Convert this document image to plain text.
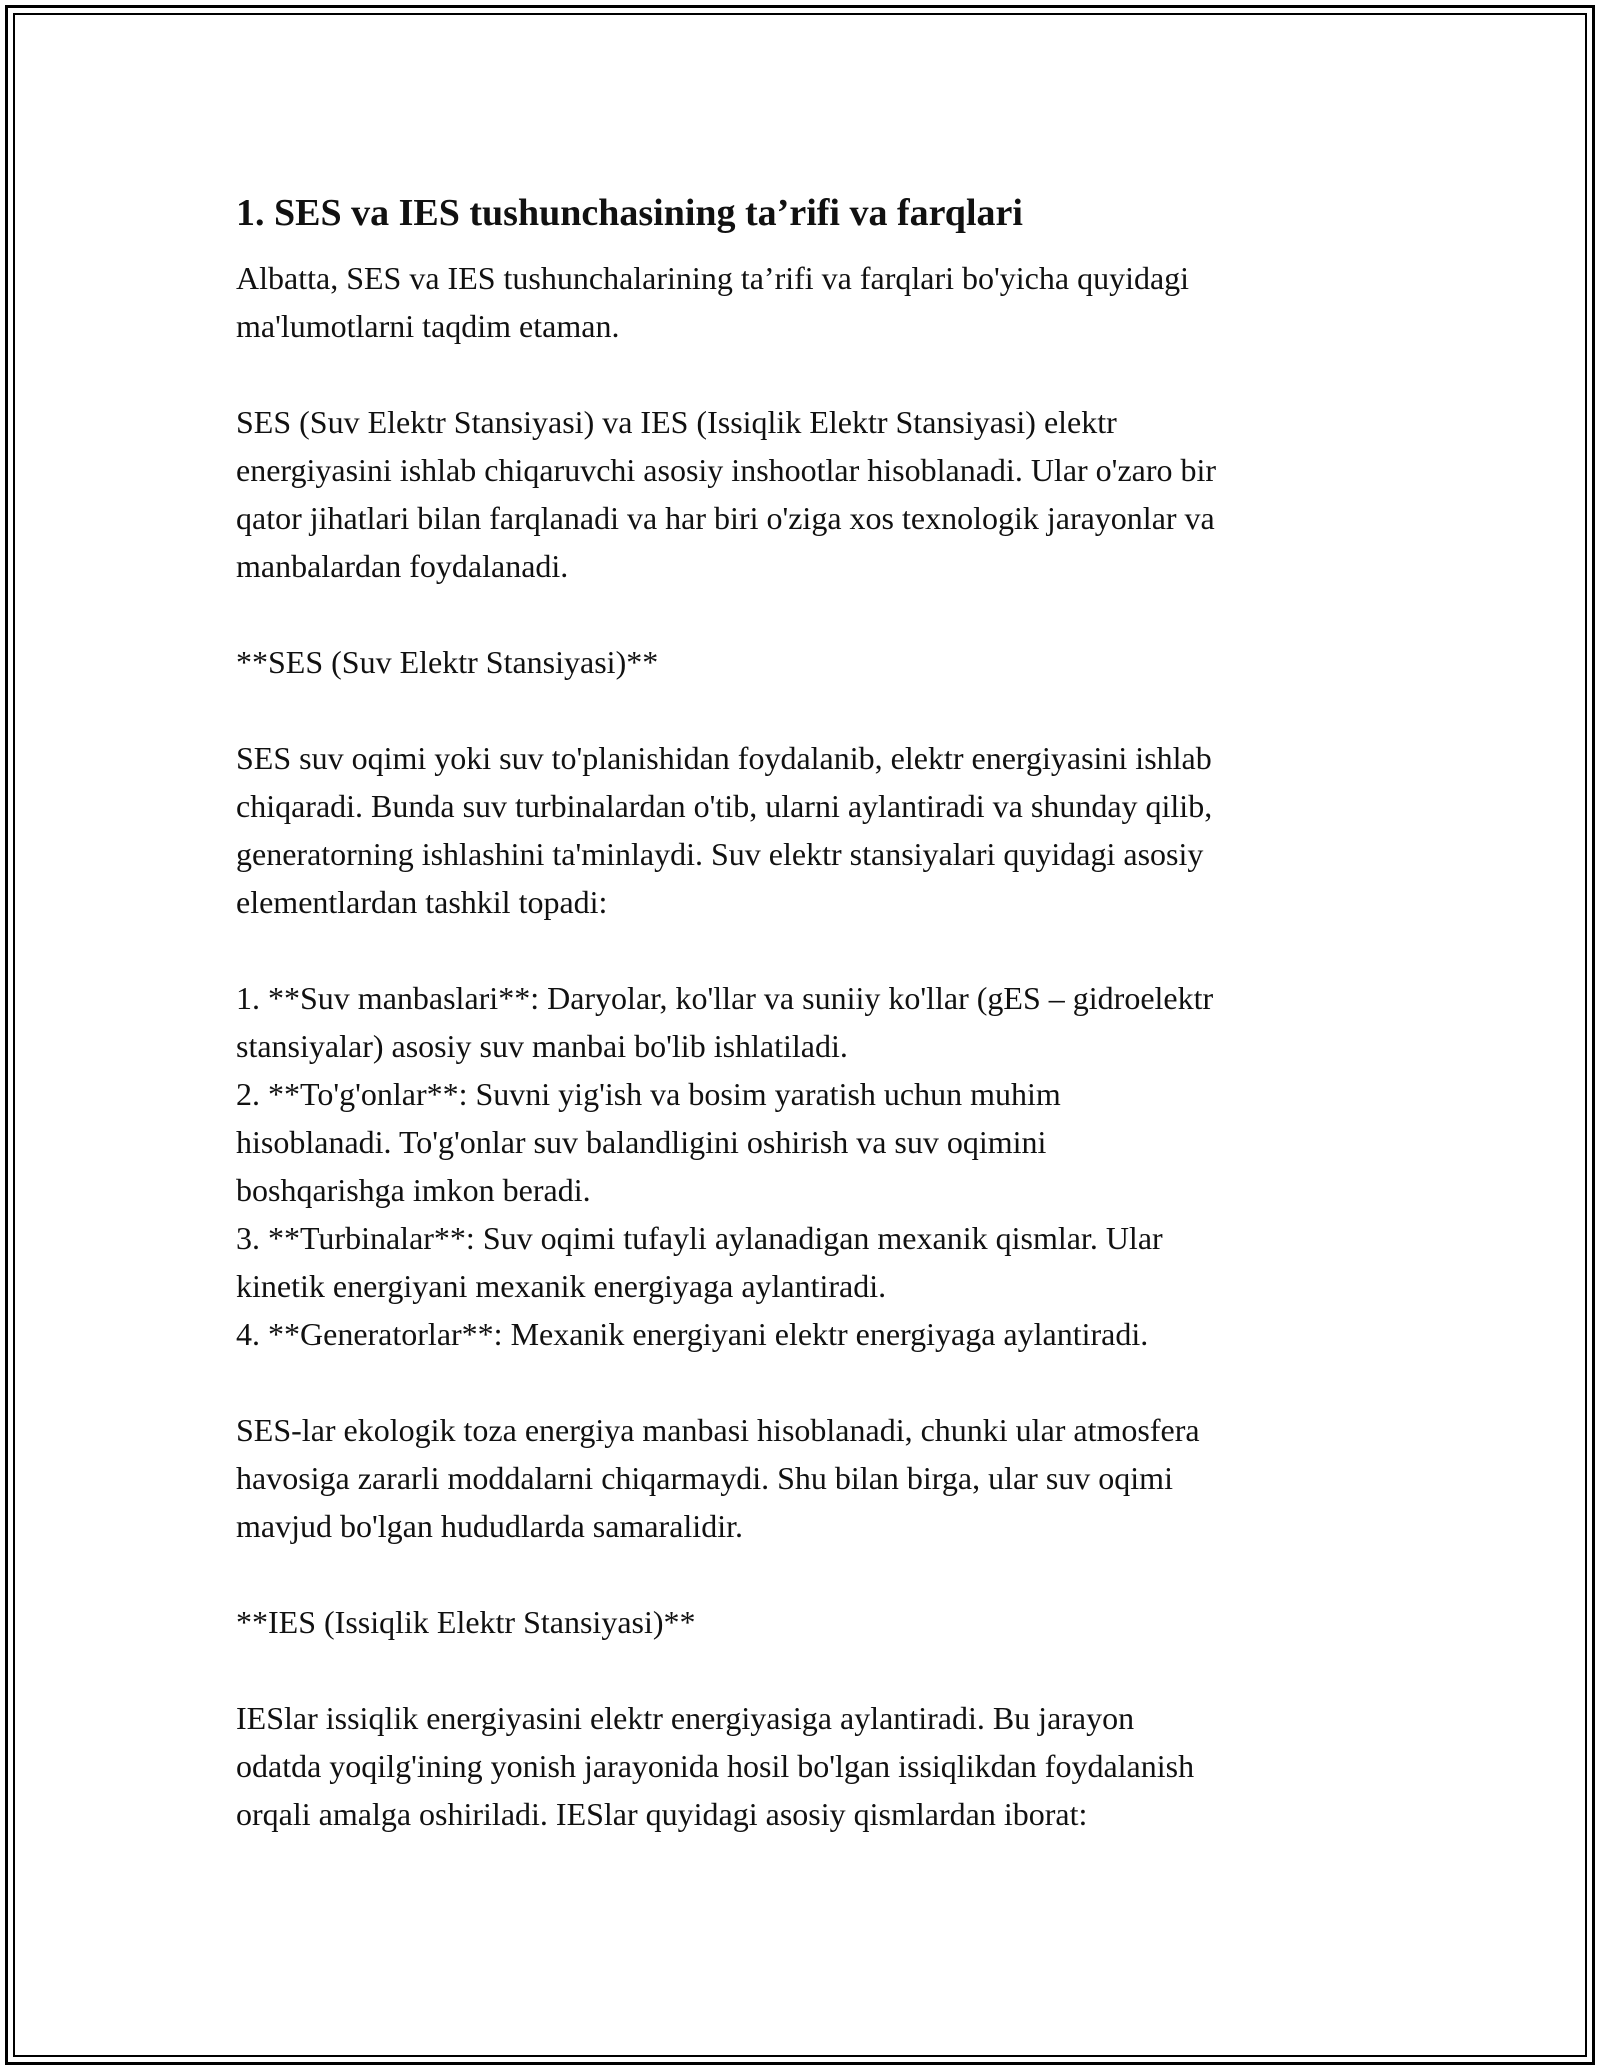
1. SES va IES tushunchasining ta’rifi va farqlari
Albatta, SES va IES tushunchalarining ta’rifi va farqlari bo'yicha quyidagi
ma'lumotlarni taqdim etaman.
SES (Suv Elektr Stansiyasi) va IES (Issiqlik Elektr Stansiyasi) elektr
energiyasini ishlab chiqaruvchi asosiy inshootlar hisoblanadi. Ular o'zaro bir
qator jihatlari bilan farqlanadi va har biri o'ziga xos texnologik jarayonlar va
manbalardan foydalanadi.
**SES (Suv Elektr Stansiyasi)**
SES suv oqimi yoki suv to'planishidan foydalanib, elektr energiyasini ishlab
chiqaradi. Bunda suv turbinalardan o'tib, ularni aylantiradi va shunday qilib,
generatorning ishlashini ta'minlaydi. Suv elektr stansiyalari quyidagi asosiy
elementlardan tashkil topadi:
1. **Suv manbaslari**: Daryolar, ko'llar va suniiy ko'llar (gES – gidroelektr
stansiyalar) asosiy suv manbai bo'lib ishlatiladi.
2. **To'g'onlar**: Suvni yig'ish va bosim yaratish uchun muhim
hisoblanadi. To'g'onlar suv balandligini oshirish va suv oqimini
boshqarishga imkon beradi.
3. **Turbinalar**: Suv oqimi tufayli aylanadigan mexanik qismlar. Ular
kinetik energiyani mexanik energiyaga aylantiradi.
4. **Generatorlar**: Mexanik energiyani elektr energiyaga aylantiradi.
SES-lar ekologik toza energiya manbasi hisoblanadi, chunki ular atmosfera
havosiga zararli moddalarni chiqarmaydi. Shu bilan birga, ular suv oqimi
mavjud bo'lgan hududlarda samaralidir.
**IES (Issiqlik Elektr Stansiyasi)**
IESlar issiqlik energiyasini elektr energiyasiga aylantiradi. Bu jarayon
odatda yoqilg'ining yonish jarayonida hosil bo'lgan issiqlikdan foydalanish
orqali amalga oshiriladi. IESlar quyidagi asosiy qismlardan iborat:
